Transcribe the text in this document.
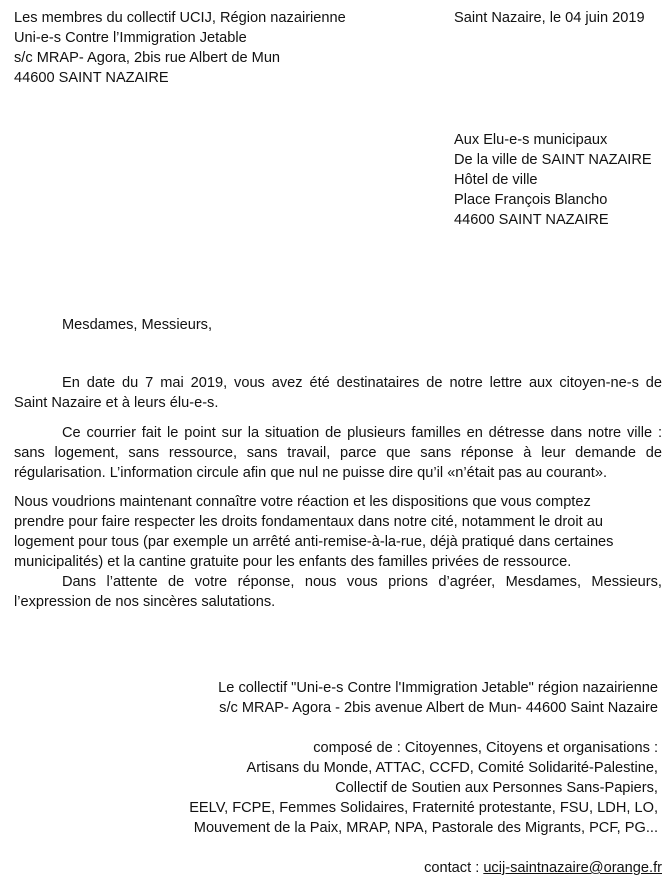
Les membres du collectif UCIJ, Région nazairienne
Uni-e-s Contre l’Immigration Jetable
s/c MRAP- Agora, 2bis rue Albert de Mun
44600 SAINT NAZAIRE
Saint Nazaire, le 04 juin 2019
Aux Elu-e-s municipaux
De la ville de SAINT NAZAIRE
Hôtel de ville
Place François Blancho
44600 SAINT NAZAIRE
Mesdames, Messieurs,
En date du 7 mai 2019, vous avez été destinataires de notre lettre aux citoyen-ne-s de
Saint Nazaire et à leurs élu-e-s.
Ce courrier fait le point sur la situation de plusieurs familles en détresse dans notre ville :
sans logement, sans ressource, sans travail, parce que sans réponse à leur demande de
régularisation. L’information circule afin que nul ne puisse dire qu’il «n’était pas au courant».
Nous voudrions maintenant connaître votre réaction et les dispositions que vous comptez
prendre pour faire respecter les droits fondamentaux dans notre cité, notamment le droit au
logement pour tous (par exemple un arrêté anti-remise-à-la-rue, déjà pratiqué dans certaines
municipalités) et la cantine gratuite pour les enfants des familles privées de ressource.
Dans l’attente de votre réponse, nous vous prions d’agréer, Mesdames, Messieurs,
l’expression de nos sincères salutations.
Le collectif "Uni-e-s Contre l'Immigration Jetable" région nazairienne
s/c MRAP- Agora - 2bis avenue Albert de Mun- 44600 Saint Nazaire
composé de : Citoyennes, Citoyens et organisations :
Artisans du Monde, ATTAC, CCFD, Comité Solidarité-Palestine,
Collectif de Soutien aux Personnes Sans-Papiers,
EELV, FCPE, Femmes Solidaires, Fraternité protestante, FSU, LDH, LO,
Mouvement de la Paix, MRAP, NPA, Pastorale des Migrants, PCF, PG...
contact : ucij-saintnazaire@orange.fr
